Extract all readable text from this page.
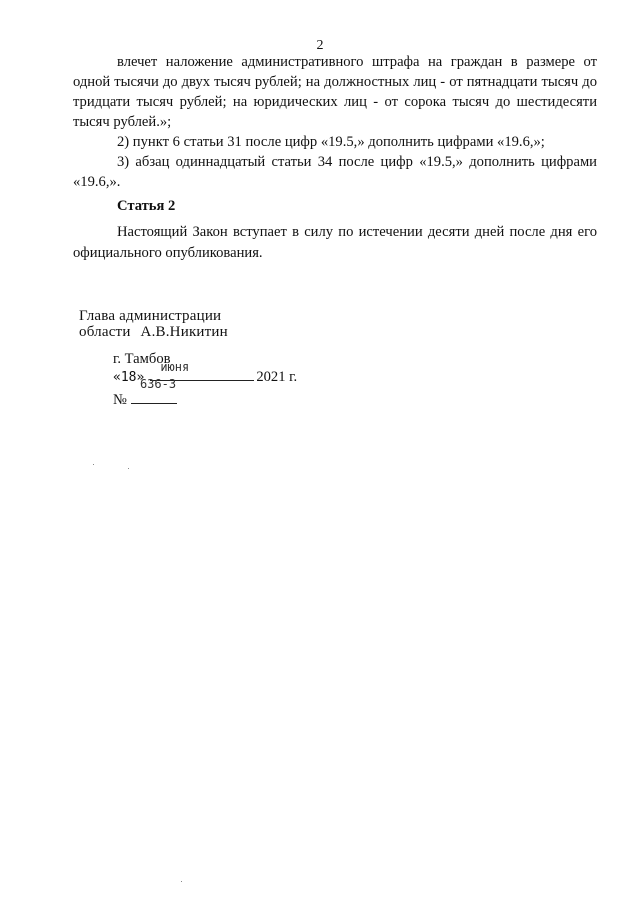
2

влечет наложение административного штрафа на граждан в размере от одной тысячи до двух тысяч рублей; на должностных лиц - от пятнадцати тысяч до тридцати тысяч рублей; на юридических лиц - от сорока тысяч до шестидесяти тысяч рублей.»;

2) пункт 6 статьи 31 после цифр «19.5,» дополнить цифрами «19.6,»;

3) абзац одиннадцатый статьи 34 после цифр «19.5,» дополнить цифрами «19.6,».

Статья 2

Настоящий Закон вступает в силу по истечении десяти дней после дня его официального опубликования.

Глава администрации
области А.В.Никитин
г. Тамбов
«18»
июня
2021 г.
№
636-З
